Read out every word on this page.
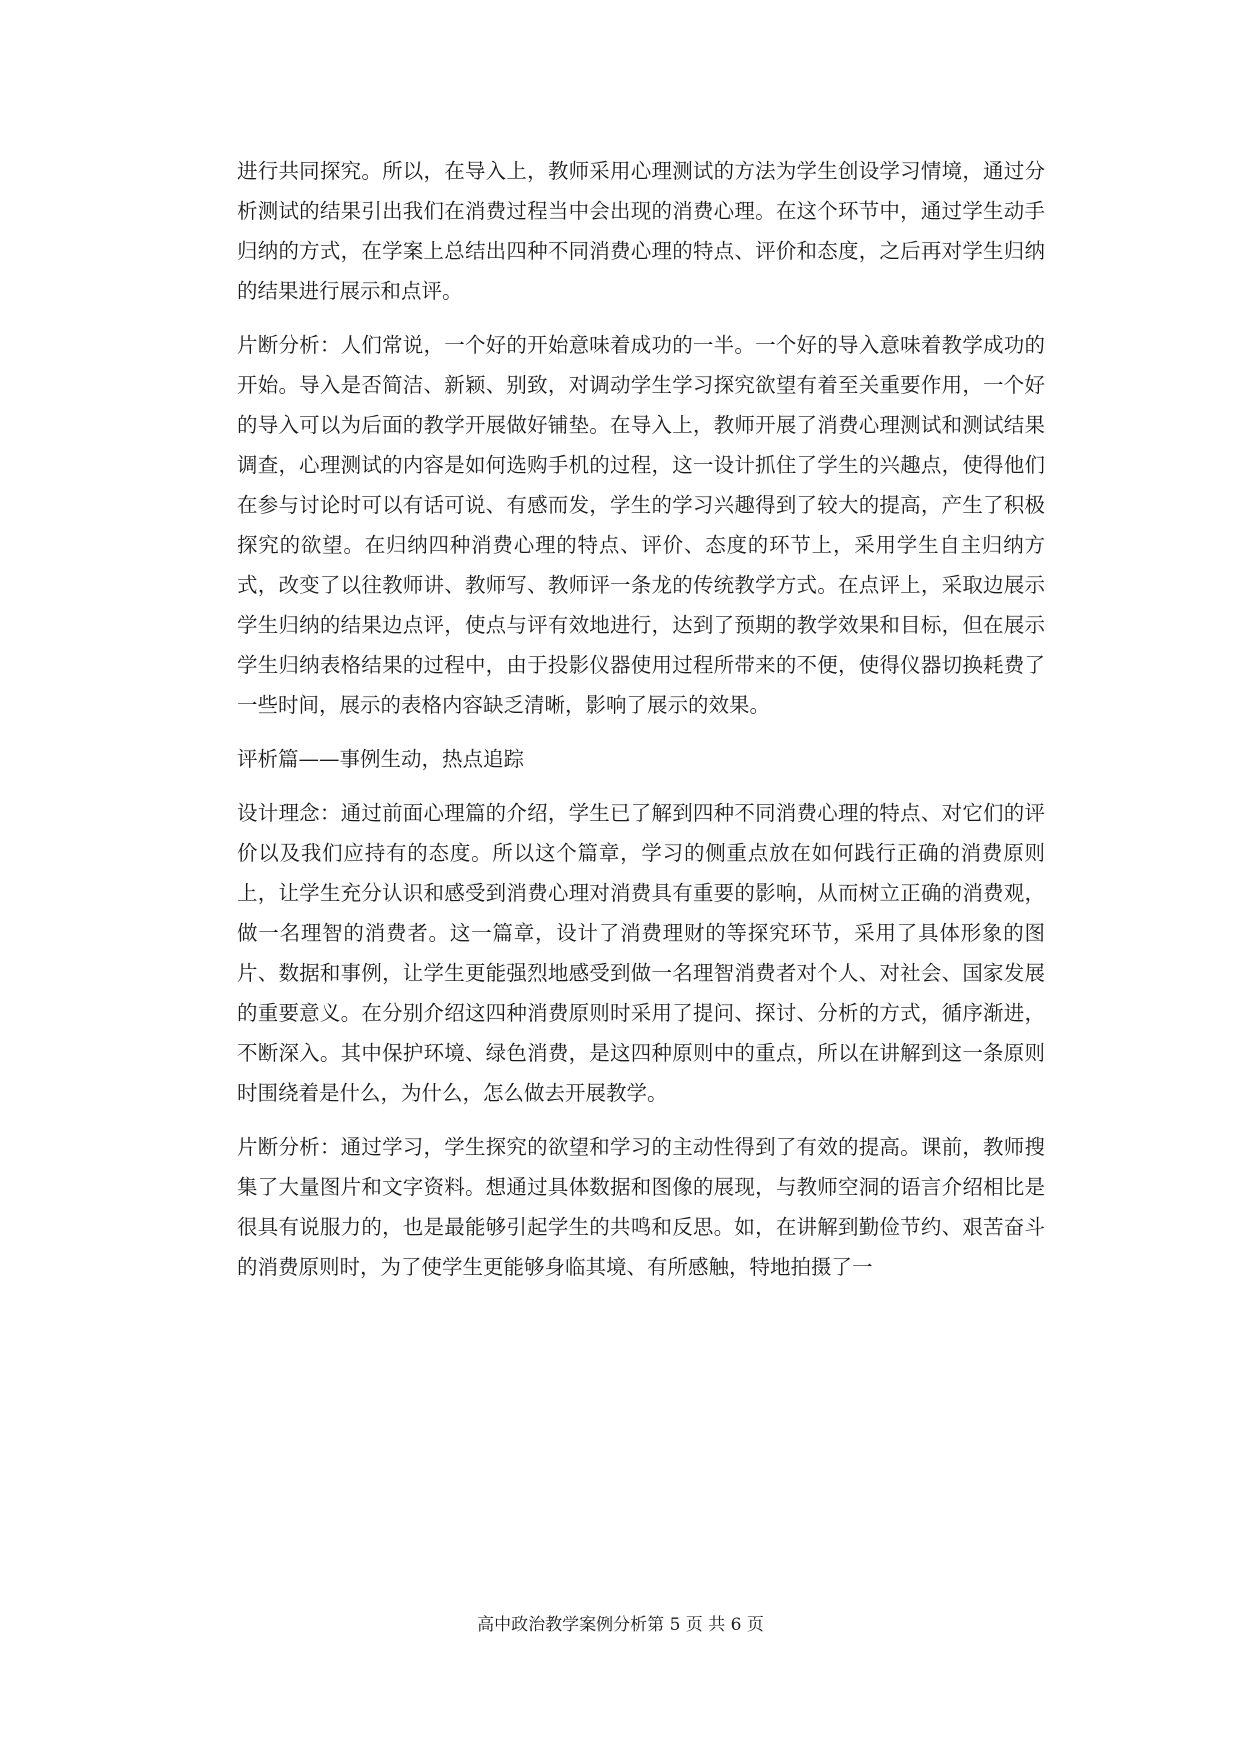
进行共同探究。所以，在导入上，教师采用心理测试的方法为学生创设学习情境，通过分析测试的结果引出我们在消费过程当中会出现的消费心理。在这个环节中，通过学生动手归纳的方式，在学案上总结出四种不同消费心理的特点、评价和态度，之后再对学生归纳的结果进行展示和点评。

片断分析：人们常说，一个好的开始意味着成功的一半。一个好的导入意味着教学成功的开始。导入是否简洁、新颖、别致，对调动学生学习探究欲望有着至关重要作用，一个好的导入可以为后面的教学开展做好铺垫。在导入上，教师开展了消费心理测试和测试结果调查，心理测试的内容是如何选购手机的过程，这一设计抓住了学生的兴趣点，使得他们在参与讨论时可以有话可说、有感而发，学生的学习兴趣得到了较大的提高，产生了积极探究的欲望。在归纳四种消费心理的特点、评价、态度的环节上，采用学生自主归纳方式，改变了以往教师讲、教师写、教师评一条龙的传统教学方式。在点评上，采取边展示学生归纳的结果边点评，使点与评有效地进行，达到了预期的教学效果和目标，但在展示学生归纳表格结果的过程中，由于投影仪器使用过程所带来的不便，使得仪器切换耗费了一些时间，展示的表格内容缺乏清晰，影响了展示的效果。

评析篇——事例生动，热点追踪

设计理念：通过前面心理篇的介绍，学生已了解到四种不同消费心理的特点、对它们的评价以及我们应持有的态度。所以这个篇章，学习的侧重点放在如何践行正确的消费原则上，让学生充分认识和感受到消费心理对消费具有重要的影响，从而树立正确的消费观，做一名理智的消费者。这一篇章，设计了消费理财的等探究环节，采用了具体形象的图片、数据和事例，让学生更能强烈地感受到做一名理智消费者对个人、对社会、国家发展的重要意义。在分别介绍这四种消费原则时采用了提问、探讨、分析的方式，循序渐进，不断深入。其中保护环境、绿色消费，是这四种原则中的重点，所以在讲解到这一条原则时围绕着是什么，为什么，怎么做去开展教学。

片断分析：通过学习，学生探究的欲望和学习的主动性得到了有效的提高。课前，教师搜集了大量图片和文字资料。想通过具体数据和图像的展现，与教师空洞的语言介绍相比是很具有说服力的，也是最能够引起学生的共鸣和反思。如，在讲解到勤俭节约、艰苦奋斗的消费原则时，为了使学生更能够身临其境、有所感触，特地拍摄了一

高中政治教学案例分析第 5 页 共 6 页
